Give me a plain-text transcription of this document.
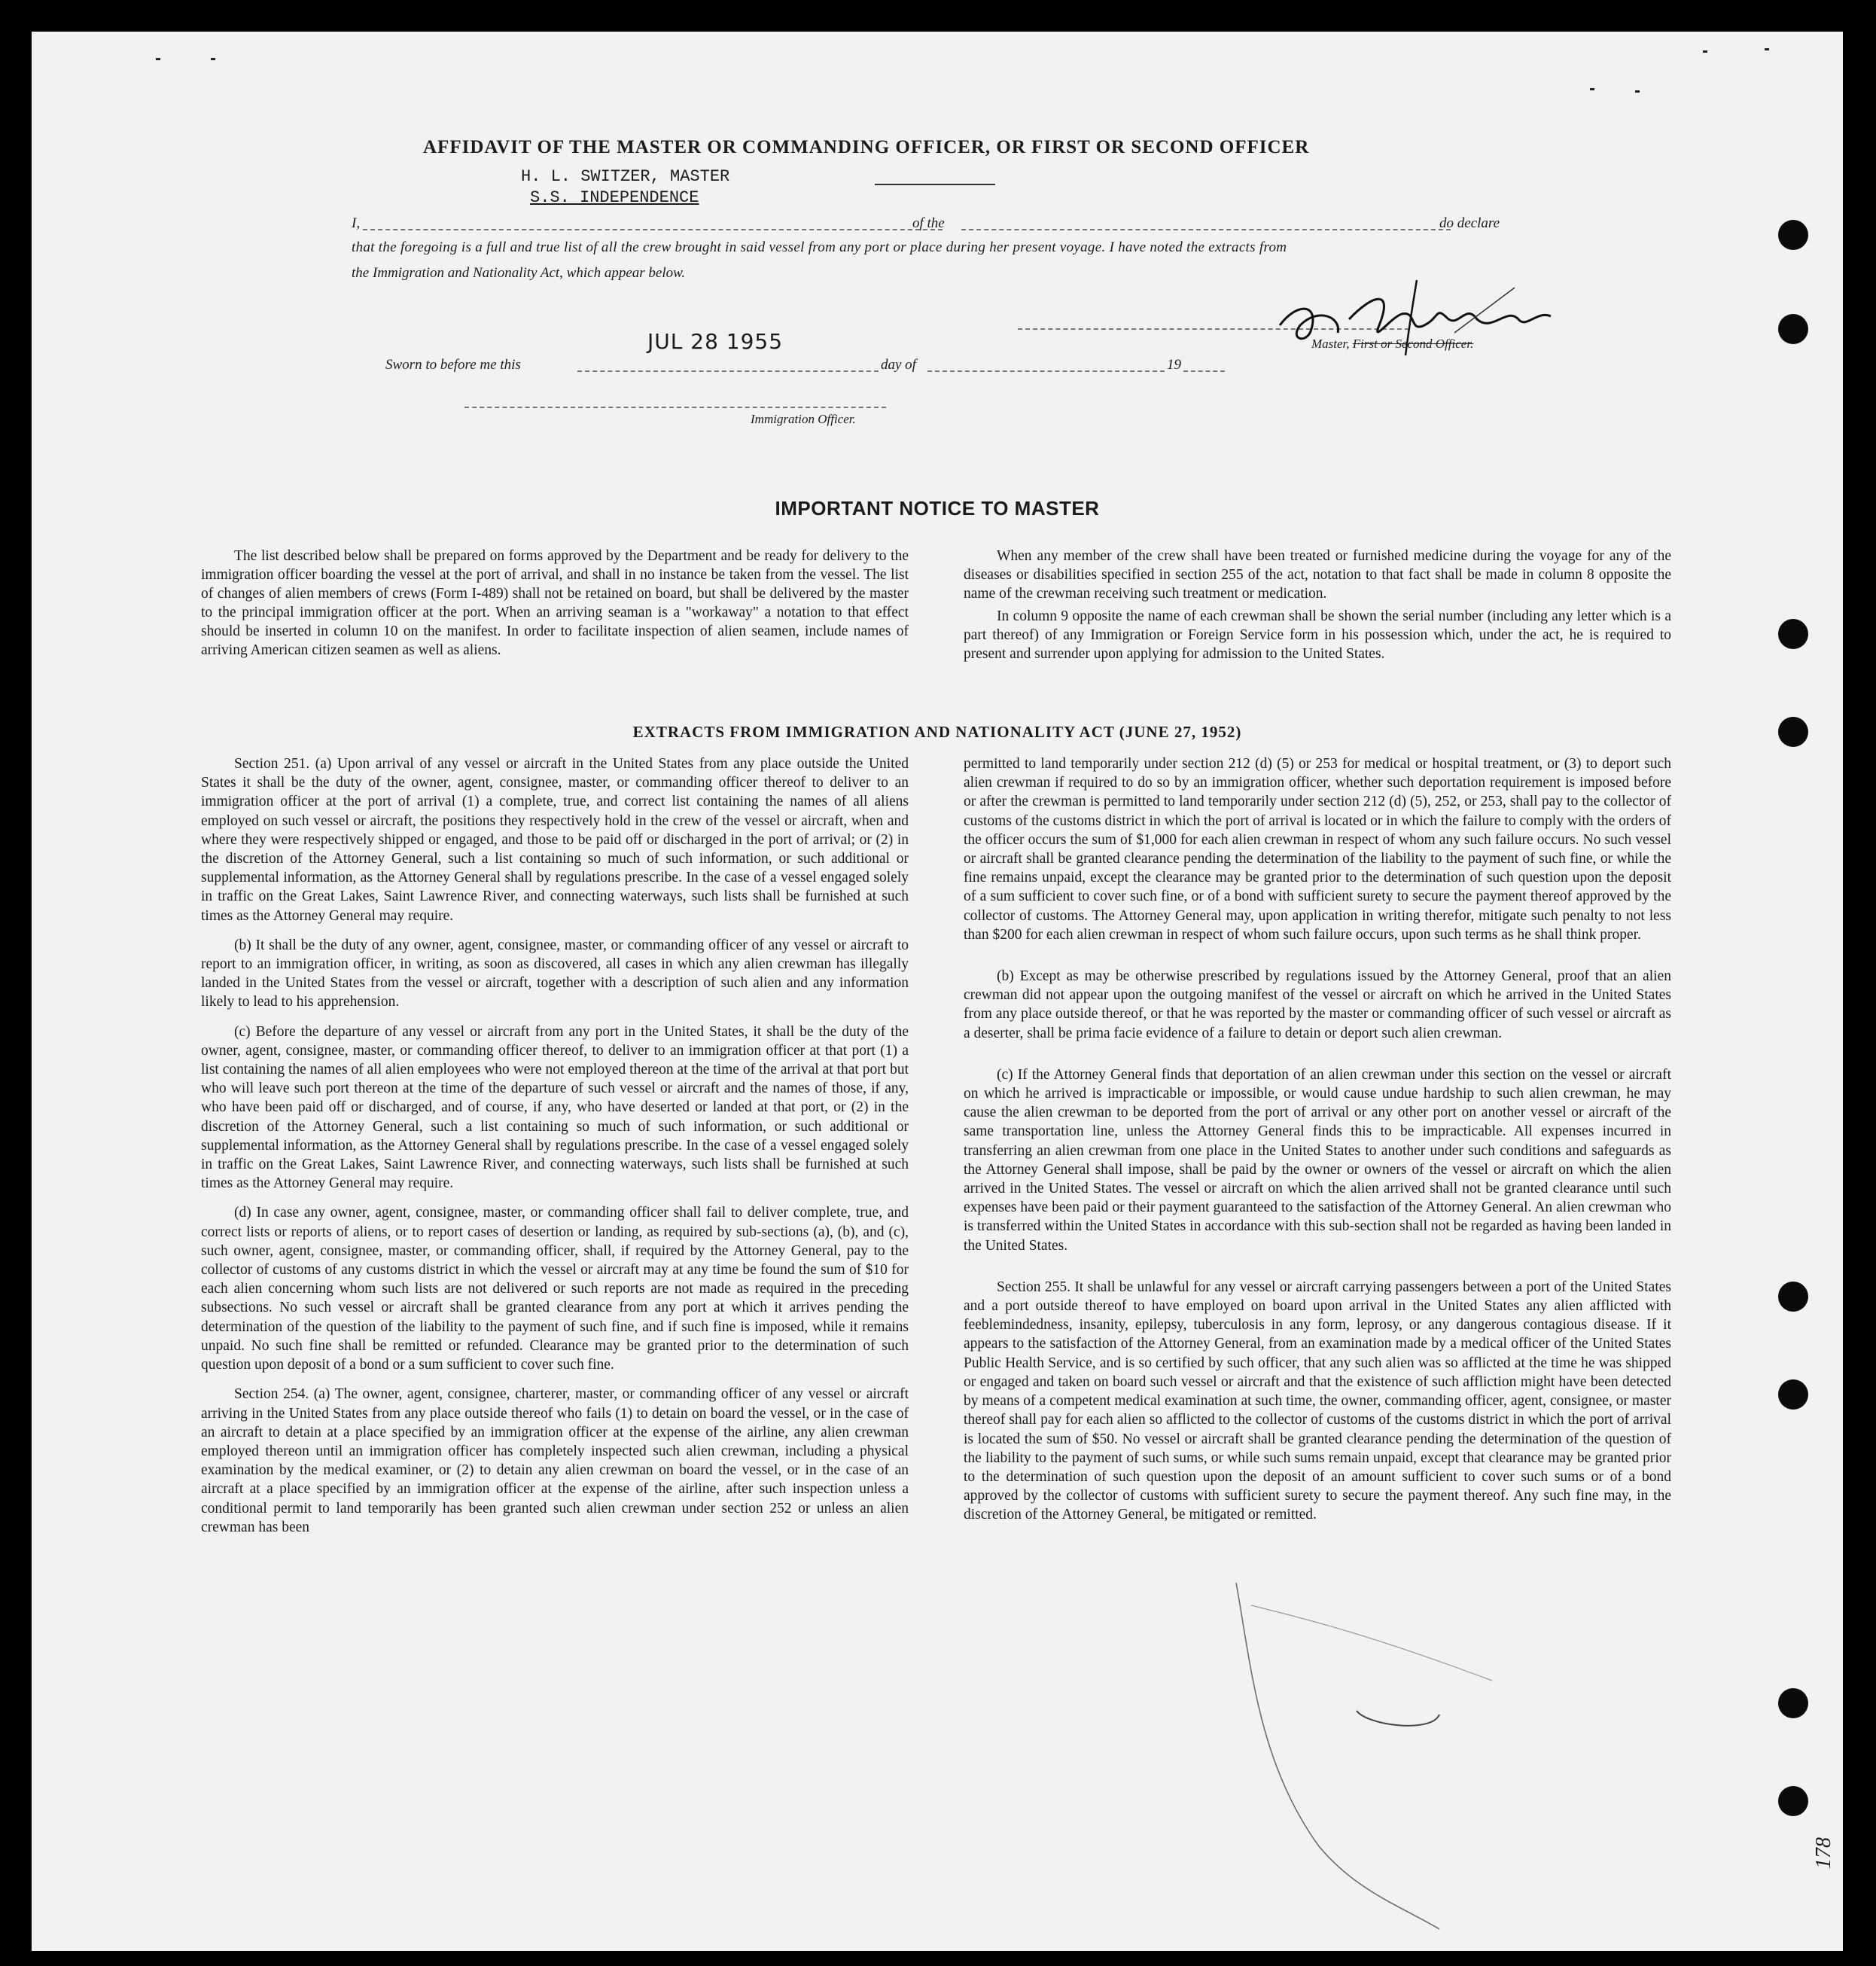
AFFIDAVIT OF THE MASTER OR COMMANDING OFFICER, OR FIRST OR SECOND OFFICER
H. L. SWITZER, MASTER
S.S. INDEPENDENCE
I,	of the	do declare
that the foregoing is a full and true list of all the crew brought in said vessel from any port or place during her present voyage. I have noted the extracts from
the Immigration and Nationality Act, which appear below.
JUL 28 1955	Master, First or Second Officer.
Sworn to before me this	day of	19
Immigration Officer.
IMPORTANT NOTICE TO MASTER

The list described below shall be prepared on forms approved by the Department and be ready for delivery to the immigration officer boarding the vessel at the port of arrival, and shall in no instance be taken from the vessel. The list of changes of alien members of crews (Form I-489) shall not be retained on board, but shall be delivered by the master to the principal immigration officer at the port. When an arriving seaman is a "workaway" a notation to that effect should be inserted in column 10 on the manifest. In order to facilitate inspection of alien seamen, include names of arriving American citizen seamen as well as aliens.

When any member of the crew shall have been treated or furnished medicine during the voyage for any of the diseases or disabilities specified in section 255 of the act, notation to that fact shall be made in column 8 opposite the name of the crewman receiving such treatment or medication.

In column 9 opposite the name of each crewman shall be shown the serial number (including any letter which is a part thereof) of any Immigration or Foreign Service form in his possession which, under the act, he is required to present and surrender upon applying for admission to the United States.

EXTRACTS FROM IMMIGRATION AND NATIONALITY ACT (JUNE 27, 1952)

Section 251. (a) Upon arrival of any vessel or aircraft in the United States from any place outside the United States it shall be the duty of the owner, agent, consignee, master, or commanding officer thereof to deliver to an immigration officer at the port of arrival (1) a complete, true, and correct list containing the names of all aliens employed on such vessel or aircraft, the positions they respectively hold in the crew of the vessel or aircraft, when and where they were respectively shipped or engaged, and those to be paid off or discharged in the port of arrival; or (2) in the discretion of the Attorney General, such a list containing so much of such information, or such additional or supplemental information, as the Attorney General shall by regulations prescribe. In the case of a vessel engaged solely in traffic on the Great Lakes, Saint Lawrence River, and connecting waterways, such lists shall be furnished at such times as the Attorney General may require.

(b) It shall be the duty of any owner, agent, consignee, master, or commanding officer of any vessel or aircraft to report to an immigration officer, in writing, as soon as discovered, all cases in which any alien crewman has illegally landed in the United States from the vessel or aircraft, together with a description of such alien and any information likely to lead to his apprehension.

(c) Before the departure of any vessel or aircraft from any port in the United States, it shall be the duty of the owner, agent, consignee, master, or commanding officer thereof, to deliver to an immigration officer at that port (1) a list containing the names of all alien employees who were not employed thereon at the time of the arrival at that port but who will leave such port thereon at the time of the departure of such vessel or aircraft and the names of those, if any, who have been paid off or discharged, and of course, if any, who have deserted or landed at that port, or (2) in the discretion of the Attorney General, such a list containing so much of such information, or such additional or supplemental information, as the Attorney General shall by regulations prescribe. In the case of a vessel engaged solely in traffic on the Great Lakes, Saint Lawrence River, and connecting waterways, such lists shall be furnished at such times as the Attorney General may require.

(d) In case any owner, agent, consignee, master, or commanding officer shall fail to deliver complete, true, and correct lists or reports of aliens, or to report cases of desertion or landing, as required by sub-sections (a), (b), and (c), such owner, agent, consignee, master, or commanding officer, shall, if required by the Attorney General, pay to the collector of customs of any customs district in which the vessel or aircraft may at any time be found the sum of $10 for each alien concerning whom such lists are not delivered or such reports are not made as required in the preceding subsections. No such vessel or aircraft shall be granted clearance from any port at which it arrives pending the determination of the question of the liability to the payment of such fine, and if such fine is imposed, while it remains unpaid. No such fine shall be remitted or refunded. Clearance may be granted prior to the determination of such question upon deposit of a bond or a sum sufficient to cover such fine.

Section 254. (a) The owner, agent, consignee, charterer, master, or commanding officer of any vessel or aircraft arriving in the United States from any place outside thereof who fails (1) to detain on board the vessel, or in the case of an aircraft to detain at a place specified by an immigration officer at the expense of the airline, any alien crewman employed thereon until an immigration officer has completely inspected such alien crewman, including a physical examination by the medical examiner, or (2) to detain any alien crewman on board the vessel, or in the case of an aircraft at a place specified by an immigration officer at the expense of the airline, after such inspection unless a conditional permit to land temporarily has been granted such alien crewman under section 252 or unless an alien crewman has been

permitted to land temporarily under section 212 (d) (5) or 253 for medical or hospital treatment, or (3) to deport such alien crewman if required to do so by an immigration officer, whether such deportation requirement is imposed before or after the crewman is permitted to land temporarily under section 212 (d) (5), 252, or 253, shall pay to the collector of customs of the customs district in which the port of arrival is located or in which the failure to comply with the orders of the officer occurs the sum of $1,000 for each alien crewman in respect of whom any such failure occurs. No such vessel or aircraft shall be granted clearance pending the determination of the liability to the payment of such fine, or while the fine remains unpaid, except the clearance may be granted prior to the determination of such question upon the deposit of a sum sufficient to cover such fine, or of a bond with sufficient surety to secure the payment thereof approved by the collector of customs. The Attorney General may, upon application in writing therefor, mitigate such penalty to not less than $200 for each alien crewman in respect of whom such failure occurs, upon such terms as he shall think proper.

(b) Except as may be otherwise prescribed by regulations issued by the Attorney General, proof that an alien crewman did not appear upon the outgoing manifest of the vessel or aircraft on which he arrived in the United States from any place outside thereof, or that he was reported by the master or commanding officer of such vessel or aircraft as a deserter, shall be prima facie evidence of a failure to detain or deport such alien crewman.

(c) If the Attorney General finds that deportation of an alien crewman under this section on the vessel or aircraft on which he arrived is impracticable or impossible, or would cause undue hardship to such alien crewman, he may cause the alien crewman to be deported from the port of arrival or any other port on another vessel or aircraft of the same transportation line, unless the Attorney General finds this to be impracticable. All expenses incurred in transferring an alien crewman from one place in the United States to another under such conditions and safeguards as the Attorney General shall impose, shall be paid by the owner or owners of the vessel or aircraft on which the alien arrived in the United States. The vessel or aircraft on which the alien arrived shall not be granted clearance until such expenses have been paid or their payment guaranteed to the satisfaction of the Attorney General. An alien crewman who is transferred within the United States in accordance with this sub-section shall not be regarded as having been landed in the United States.

Section 255. It shall be unlawful for any vessel or aircraft carrying passengers between a port of the United States and a port outside thereof to have employed on board upon arrival in the United States any alien afflicted with feeblemindedness, insanity, epilepsy, tuberculosis in any form, leprosy, or any dangerous contagious disease. If it appears to the satisfaction of the Attorney General, from an examination made by a medical officer of the United States Public Health Service, and is so certified by such officer, that any such alien was so afflicted at the time he was shipped or engaged and taken on board such vessel or aircraft and that the existence of such affliction might have been detected by means of a competent medical examination at such time, the owner, commanding officer, agent, consignee, or master thereof shall pay for each alien so afflicted to the collector of customs of the customs district in which the port of arrival is located the sum of $50. No vessel or aircraft shall be granted clearance pending the determination of the question of the liability to the payment of such sums, or while such sums remain unpaid, except that clearance may be granted prior to the determination of such question upon the deposit of an amount sufficient to cover such sums or of a bond approved by the collector of customs with sufficient surety to secure the payment thereof. Any such fine may, in the discretion of the Attorney General, be mitigated or remitted.

178
